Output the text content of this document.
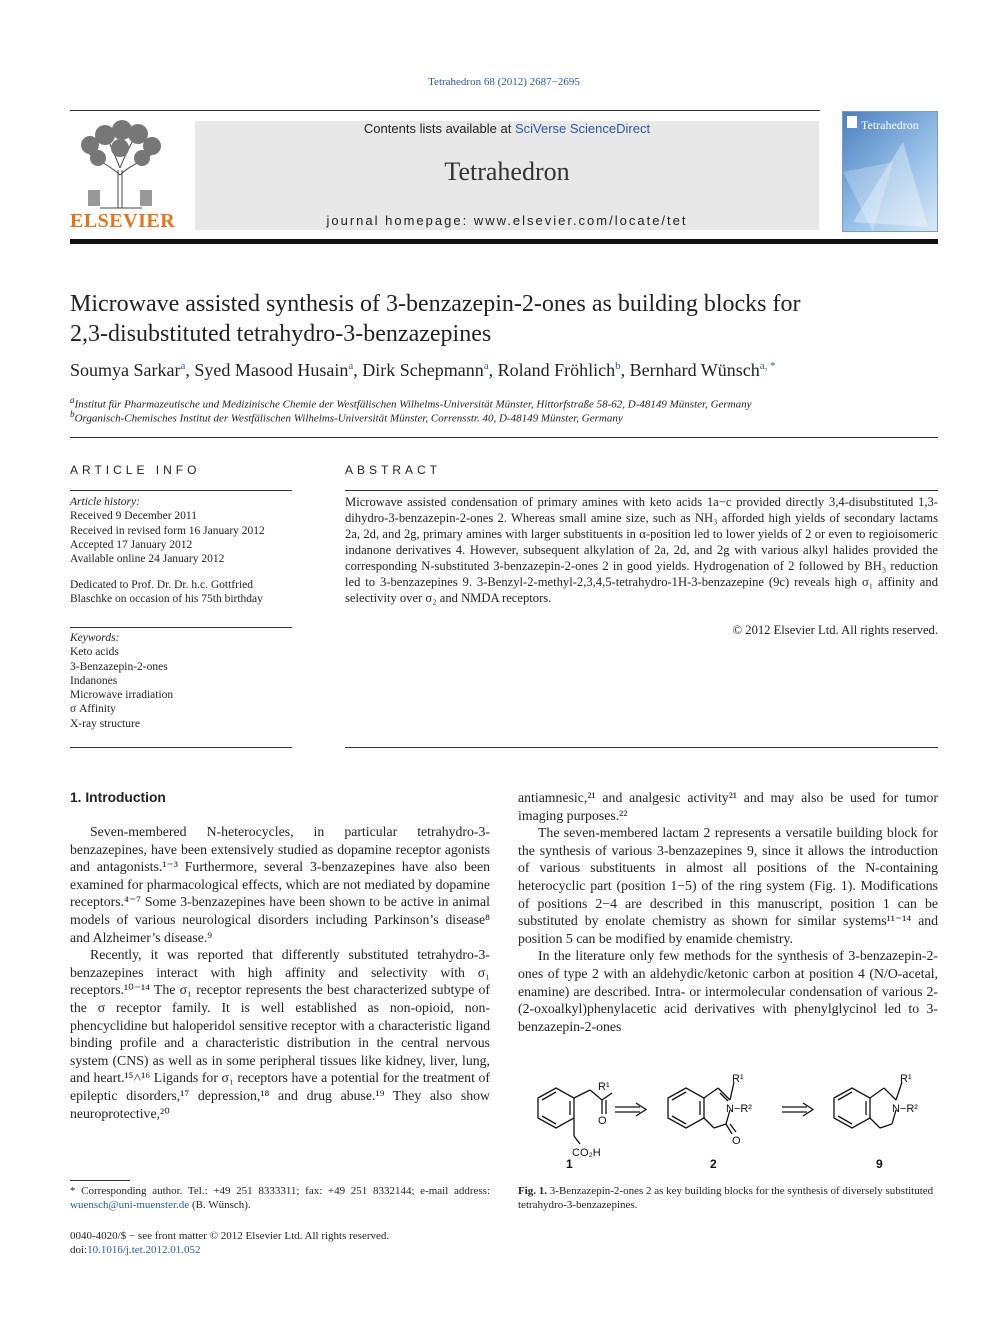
Tetrahedron 68 (2012) 2687−2695
ELSEVIER
Contents lists available at SciVerse ScienceDirect
Tetrahedron
journal homepage: www.elsevier.com/locate/tet
Tetrahedron
Microwave assisted synthesis of 3-benzazepin-2-ones as building blocks for
2,3-disubstituted tetrahydro-3-benzazepines
Soumya Sarkar$^a$, Syed Masood Husain$^a$, Dirk Schepmann$^a$, Roland Fröhlich$^b$, Bernhard Wünsch$^{a, *}$
$^a$Institut für Pharmazeutische und Medizinische Chemie der Westfälischen Wilhelms-Universität Münster, Hittorfstraße 58-62, D-48149 Münster, Germany
$^b$Organisch-Chemisches Institut der Westfälischen Wilhelms-Universität Münster, Corrensstr. 40, D-48149 Münster, Germany
ARTICLE INFO
Article history:
Received 9 December 2011
Received in revised form 16 January 2012
Accepted 17 January 2012
Available online 24 January 2012
Dedicated to Prof. Dr. Dr. h.c. Gottfried Blaschke on occasion of his 75th birthday
Keywords:
Keto acids
3-Benzazepin-2-ones
Indanones
Microwave irradiation
σ Affinity
X-ray structure
ABSTRACT
Microwave assisted condensation of primary amines with keto acids 1a−c provided directly 3,4-disubstituted 1,3-dihydro-3-benzazepin-2-ones 2. Whereas small amine size, such as NH₃ afforded high yields of secondary lactams 2a, 2d, and 2g, primary amines with larger substituents in α-position led to lower yields of 2 or even to regioisomeric indanone derivatives 4. However, subsequent alkylation of 2a, 2d, and 2g with various alkyl halides provided the corresponding N-substituted 3-benzazepin-2-ones 2 in good yields. Hydrogenation of 2 followed by BH₃ reduction led to 3-benzazepines 9. 3-Benzyl-2-methyl-2,3,4,5-tetrahydro-1H-3-benzazepine (9c) reveals high σ₁ affinity and selectivity over σ₂ and NMDA receptors.
© 2012 Elsevier Ltd. All rights reserved.
1. Introduction

Seven-membered N-heterocycles, in particular tetrahydro-3-benzazepines, have been extensively studied as dopamine receptor agonists and antagonists.¹⁻³ Furthermore, several 3-benzazepines have also been examined for pharmacological effects, which are not mediated by dopamine receptors.⁴⁻⁷ Some 3-benzazepines have been shown to be active in animal models of various neurological disorders including Parkinson’s disease⁸ and Alzheimer’s disease.⁹

Recently, it was reported that differently substituted tetrahydro-3-benzazepines interact with high affinity and selectivity with σ₁ receptors.¹⁰⁻¹⁴ The σ₁ receptor represents the best characterized subtype of the σ receptor family. It is well established as non-opioid, non-phencyclidine but haloperidol sensitive receptor with a characteristic ligand binding profile and a characteristic distribution in the central nervous system (CNS) as well as in some peripheral tissues like kidney, liver, lung, and heart.¹⁵˄¹⁶ Ligands for σ₁ receptors have a potential for the treatment of epileptic disorders,¹⁷ depression,¹⁸ and drug abuse.¹⁹ They also show neuroprotective,²⁰

antiamnesic,²¹ and analgesic activity²¹ and may also be used for tumor imaging purposes.²²

The seven-membered lactam 2 represents a versatile building block for the synthesis of various 3-benzazepines 9, since it allows the introduction of various substituents in almost all positions of the N-containing heterocyclic part (position 1−5) of the ring system (Fig. 1). Modifications of positions 2−4 are described in this manuscript, position 1 can be substituted by enolate chemistry as shown for similar systems¹¹⁻¹⁴ and position 5 can be modified by enamide chemistry.

In the literature only few methods for the synthesis of 3-benzazepin-2-ones of type 2 with an aldehydic/ketonic carbon at position 4 (N/O-acetal, enamine) are described. Intra- or intermolecular condensation of various 2-(2-oxoalkyl)phenylacetic acid derivatives with phenylglycinol led to 3-benzazepin-2-ones

R¹
O
CO₂H
R¹
N−R²
O
R¹
N−R²
1	2	9
Fig. 1. 3-Benzazepin-2-ones 2 as key building blocks for the synthesis of diversely substituted tetrahydro-3-benzazepines.
* Corresponding author. Tel.: +49 251 8333311; fax: +49 251 8332144; e-mail address: wuensch@uni-muenster.de (B. Wünsch).
0040-4020/$ − see front matter © 2012 Elsevier Ltd. All rights reserved.
doi:10.1016/j.tet.2012.01.052
